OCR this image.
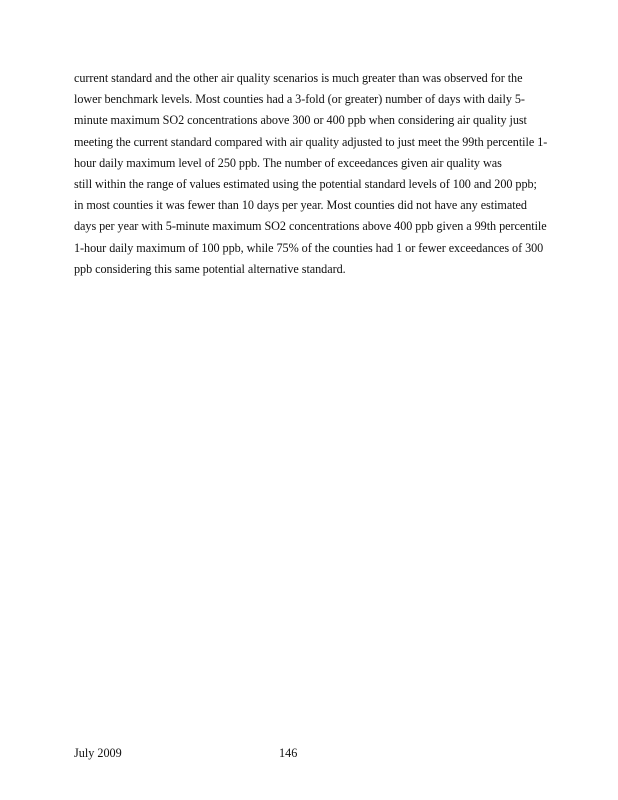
current standard and the other air quality scenarios is much greater than was observed for the
lower benchmark levels. Most counties had a 3-fold (or greater) number of days with daily 5-
minute maximum SO2 concentrations above 300 or 400 ppb when considering air quality just
meeting the current standard compared with air quality adjusted to just meet the 99th percentile 1-
hour daily maximum level of 250 ppb. The number of exceedances given air quality was
still within the range of values estimated using the potential standard levels of 100 and 200 ppb;
in most counties it was fewer than 10 days per year. Most counties did not have any estimated
days per year with 5-minute maximum SO2 concentrations above 400 ppb given a 99th percentile
1-hour daily maximum of 100 ppb, while 75% of the counties had 1 or fewer exceedances of 300
ppb considering this same potential alternative standard.
July 2009	146
